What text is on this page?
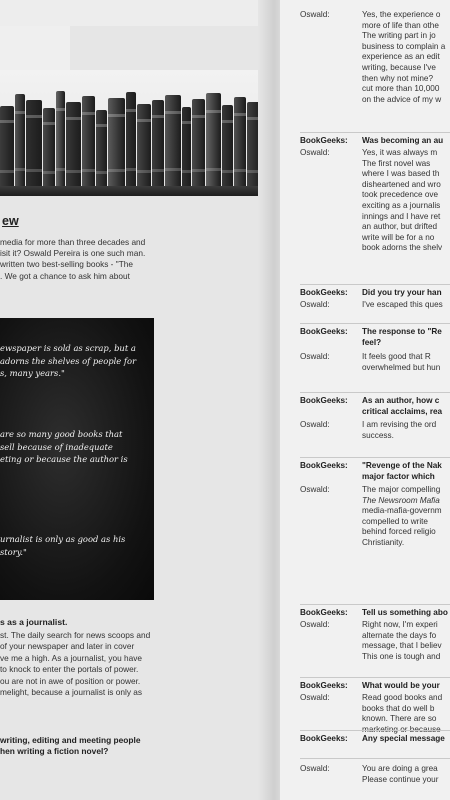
ew
media for more than three decades and
isit it? Oswald Pereira is one such man.
written two best-selling books - "The
. We got a chance to ask him about
ewspaper is sold as scrap, but a
adorns the shelves of people for
s, many years."
are so many good books that
sell because of inadequate
eting or because the author is
urnalist is only as good as his
story."
s as a journalist.
st. The daily search for news scoops and
of your newspaper and later in cover
ve me a high. As a journalist, you have
to knock to enter the portals of power.
ou are not in awe of position or power.
melight, because a journalist is only as
writing, editing and meeting people
hen writing a fiction novel?
Oswald:	Yes, the experience o
more of life than othe
The writing part in jo
business to complain a
experience as an edit
writing, because I've
then why not mine?
cut more than 10,000
on the advice of my w
BookGeeks:	Was becoming an au
Oswald:	Yes, it was always m
The first novel was
where I was based th
disheartened and wro
took precedence ove
exciting as a journalis
innings and I have ret
an author, but drifted
write will be for a no
book adorns the shelv
BookGeeks:	Did you try your han
Oswald:	I've escaped this ques
BookGeeks:	The response to "Re
feel?
Oswald:	It feels good that R
overwhelmed but hun
BookGeeks:	As an author, how c
critical acclaims, rea
Oswald:	I am revising the ord
success.
BookGeeks:	"Revenge of the Nak
major factor which
Oswald:	The major compelling
The Newsroom Mafia
media-mafia-governm
compelled to write
behind forced religio
Christianity.
BookGeeks:	Tell us something abo
Oswald:	Right now, I'm experi
alternate the days fo
message, that I believ
This one is tough and
BookGeeks:	What would be your
Oswald:	Read good books and
books that do well b
known. There are so
BookGeeks:	Any special message
Oswald:	You are doing a grea
Please continue your
